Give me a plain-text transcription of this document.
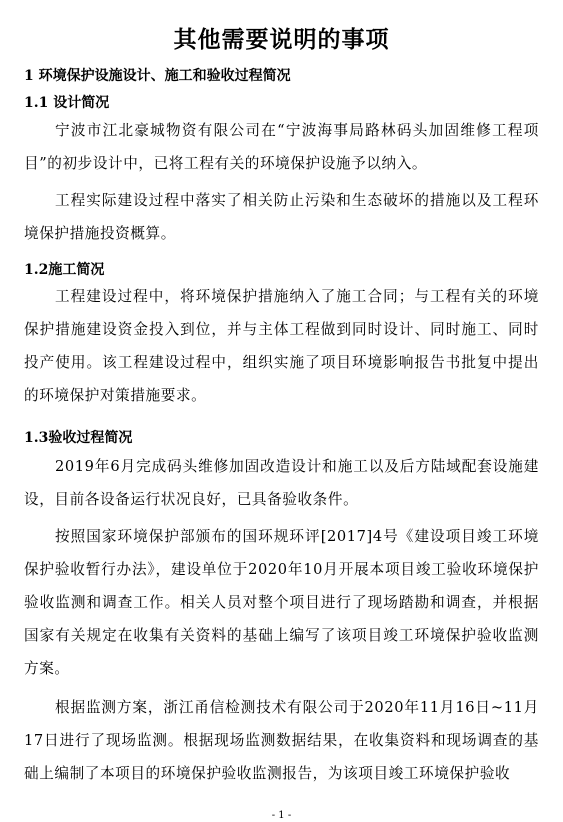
其他需要说明的事项
1 环境保护设施设计、施工和验收过程简况
1.1 设计简况
宁波市江北豪城物资有限公司在“宁波海事局路林码头加固维修工程项目”的初步设计中，已将工程有关的环境保护设施予以纳入。
工程实际建设过程中落实了相关防止污染和生态破坏的措施以及工程环境保护措施投资概算。
1.2施工简况
工程建设过程中，将环境保护措施纳入了施工合同；与工程有关的环境保护措施建设资金投入到位，并与主体工程做到同时设计、同时施工、同时投产使用。该工程建设过程中，组织实施了项目环境影响报告书批复中提出的环境保护对策措施要求。
1.3验收过程简况
2019年6月完成码头维修加固改造设计和施工以及后方陆域配套设施建设，目前各设备运行状况良好，已具备验收条件。
按照国家环境保护部颁布的国环规环评[2017]4号《建设项目竣工环境保护验收暂行办法》，建设单位于2020年10月开展本项目竣工验收环境保护验收监测和调查工作。相关人员对整个项目进行了现场踏勘和调查，并根据国家有关规定在收集有关资料的基础上编写了该项目竣工环境保护验收监测方案。
根据监测方案，浙江甬信检测技术有限公司于2020年11月16日~11月17日进行了现场监测。根据现场监测数据结果，在收集资料和现场调查的基础上编制了本项目的环境保护验收监测报告，为该项目竣工环境保护验收
- 1 -
